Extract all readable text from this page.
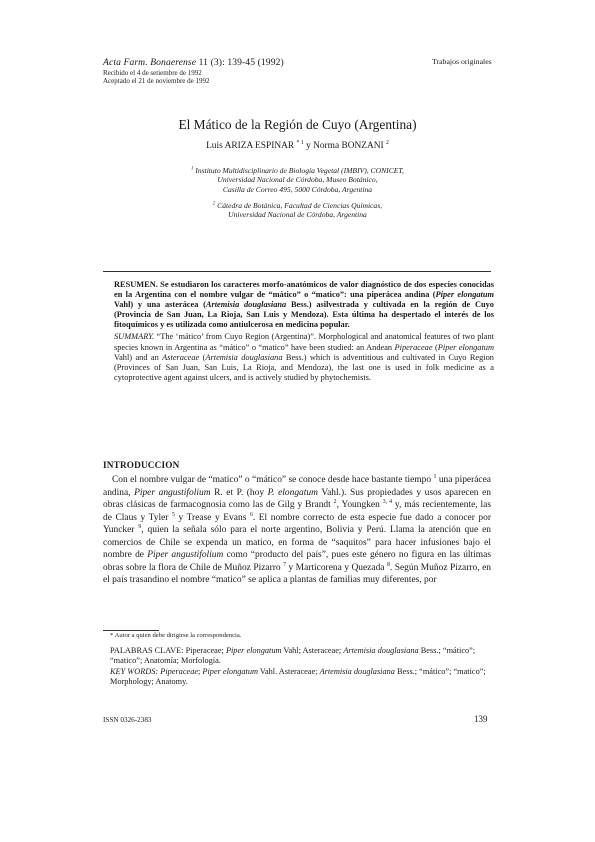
Acta Farm. Bonaerense 11 (3): 139-45 (1992)	Trabajos originales
Recibido el 4 de setiembre de 1992
Aceptado el 21 de noviembre de 1992
El Mático de la Región de Cuyo (Argentina)
Luis ARIZA ESPINAR $^{* 1}$ y Norma BONZANI $^2$
$^1$ Instituto Multidisciplinario de Biología Vegetal (IMBIV), CONICET,
Universidad Nacional de Córdoba, Museo Botánico,
Casilla de Correo 495, 5000 Córdoba, Argentina
$^2$ Cátedra de Botánica, Facultad de Ciencias Químicas,
Universidad Nacional de Córdoba, Argentina

RESUMEN. Se estudiaron los caracteres morfo-anatómicos de valor diagnóstico de dos especies conocidas en la Argentina con el nombre vulgar de “mático” o “matico”: una piperácea andina (Piper elongatum Vahl) y una asterácea (Artemisia douglasiana Bess.) asilvestrada y cultivada en la región de Cuyo (Provincia de San Juan, La Rioja, San Luis y Mendoza). Esta última ha despertado el interés de los fitoquímicos y es utilizada como antiulcerosa en medicina popular.

SUMMARY. “The ‘mático’ from Cuyo Region (Argentina)”. Morphological and anatomical features of two plant species known in Argentina as “mático” o “matico” have been studied: an Andean Piperaceae (Piper elongatum Vahl) and an Asteraceae (Artemisia douglasiana Bess.) which is adventitious and cultivated in Cuyo Region (Provinces of San Juan, San Luis, La Rioja, and Mendoza), the last one is used in folk medicine as a cytoprotective agent against ulcers, and is actively studied by phytochemists.

INTRODUCCION

Con el nombre vulgar de “matico” o “mático” se conoce desde hace bastante tiempo $^1$ una piperácea andina, Piper angustifolium R. et P. (hoy P. elongatum Vahl.). Sus propiedades y usos aparecen en obras clásicas de farmacognosia como las de Gilg y Brandt $^2$, Youngken $^{3, 4}$ y, más recientemente, las de Claus y Tyler $^5$ y Trease y Evans $^6$. El nombre correcto de esta especie fue dado a conocer por Yuncker $^9$, quien la señala sólo para el norte argentino, Bolivia y Perú. Llama la atención que en comercios de Chile se expenda un matico, en forma de “saquitos” para hacer infusiones bajo el nombre de Piper angustifolium como “producto del país”, pues este género no figura en las últimas obras sobre la flora de Chile de Muñoz Pizarro $^7$ y Marticorena y Quezada $^8$. Según Muñoz Pizarro, en el país trasandino el nombre “matico” se aplica a plantas de familias muy diferentes, por

* Autor a quien debe dirigirse la correspondencia.

PALABRAS CLAVE: Piperaceae; Piper elongatum Vahl; Asteraceae; Artemisia douglasiana Bess.; “mático”; “matico”; Anatomía; Morfología.

KEY WORDS: Piperaceae; Piper elongatum Vahl. Asteraceae; Artemisia douglasiana Bess.; “mático”; “matico”; Morphology; Anatomy.

ISSN 0326-2383	139
